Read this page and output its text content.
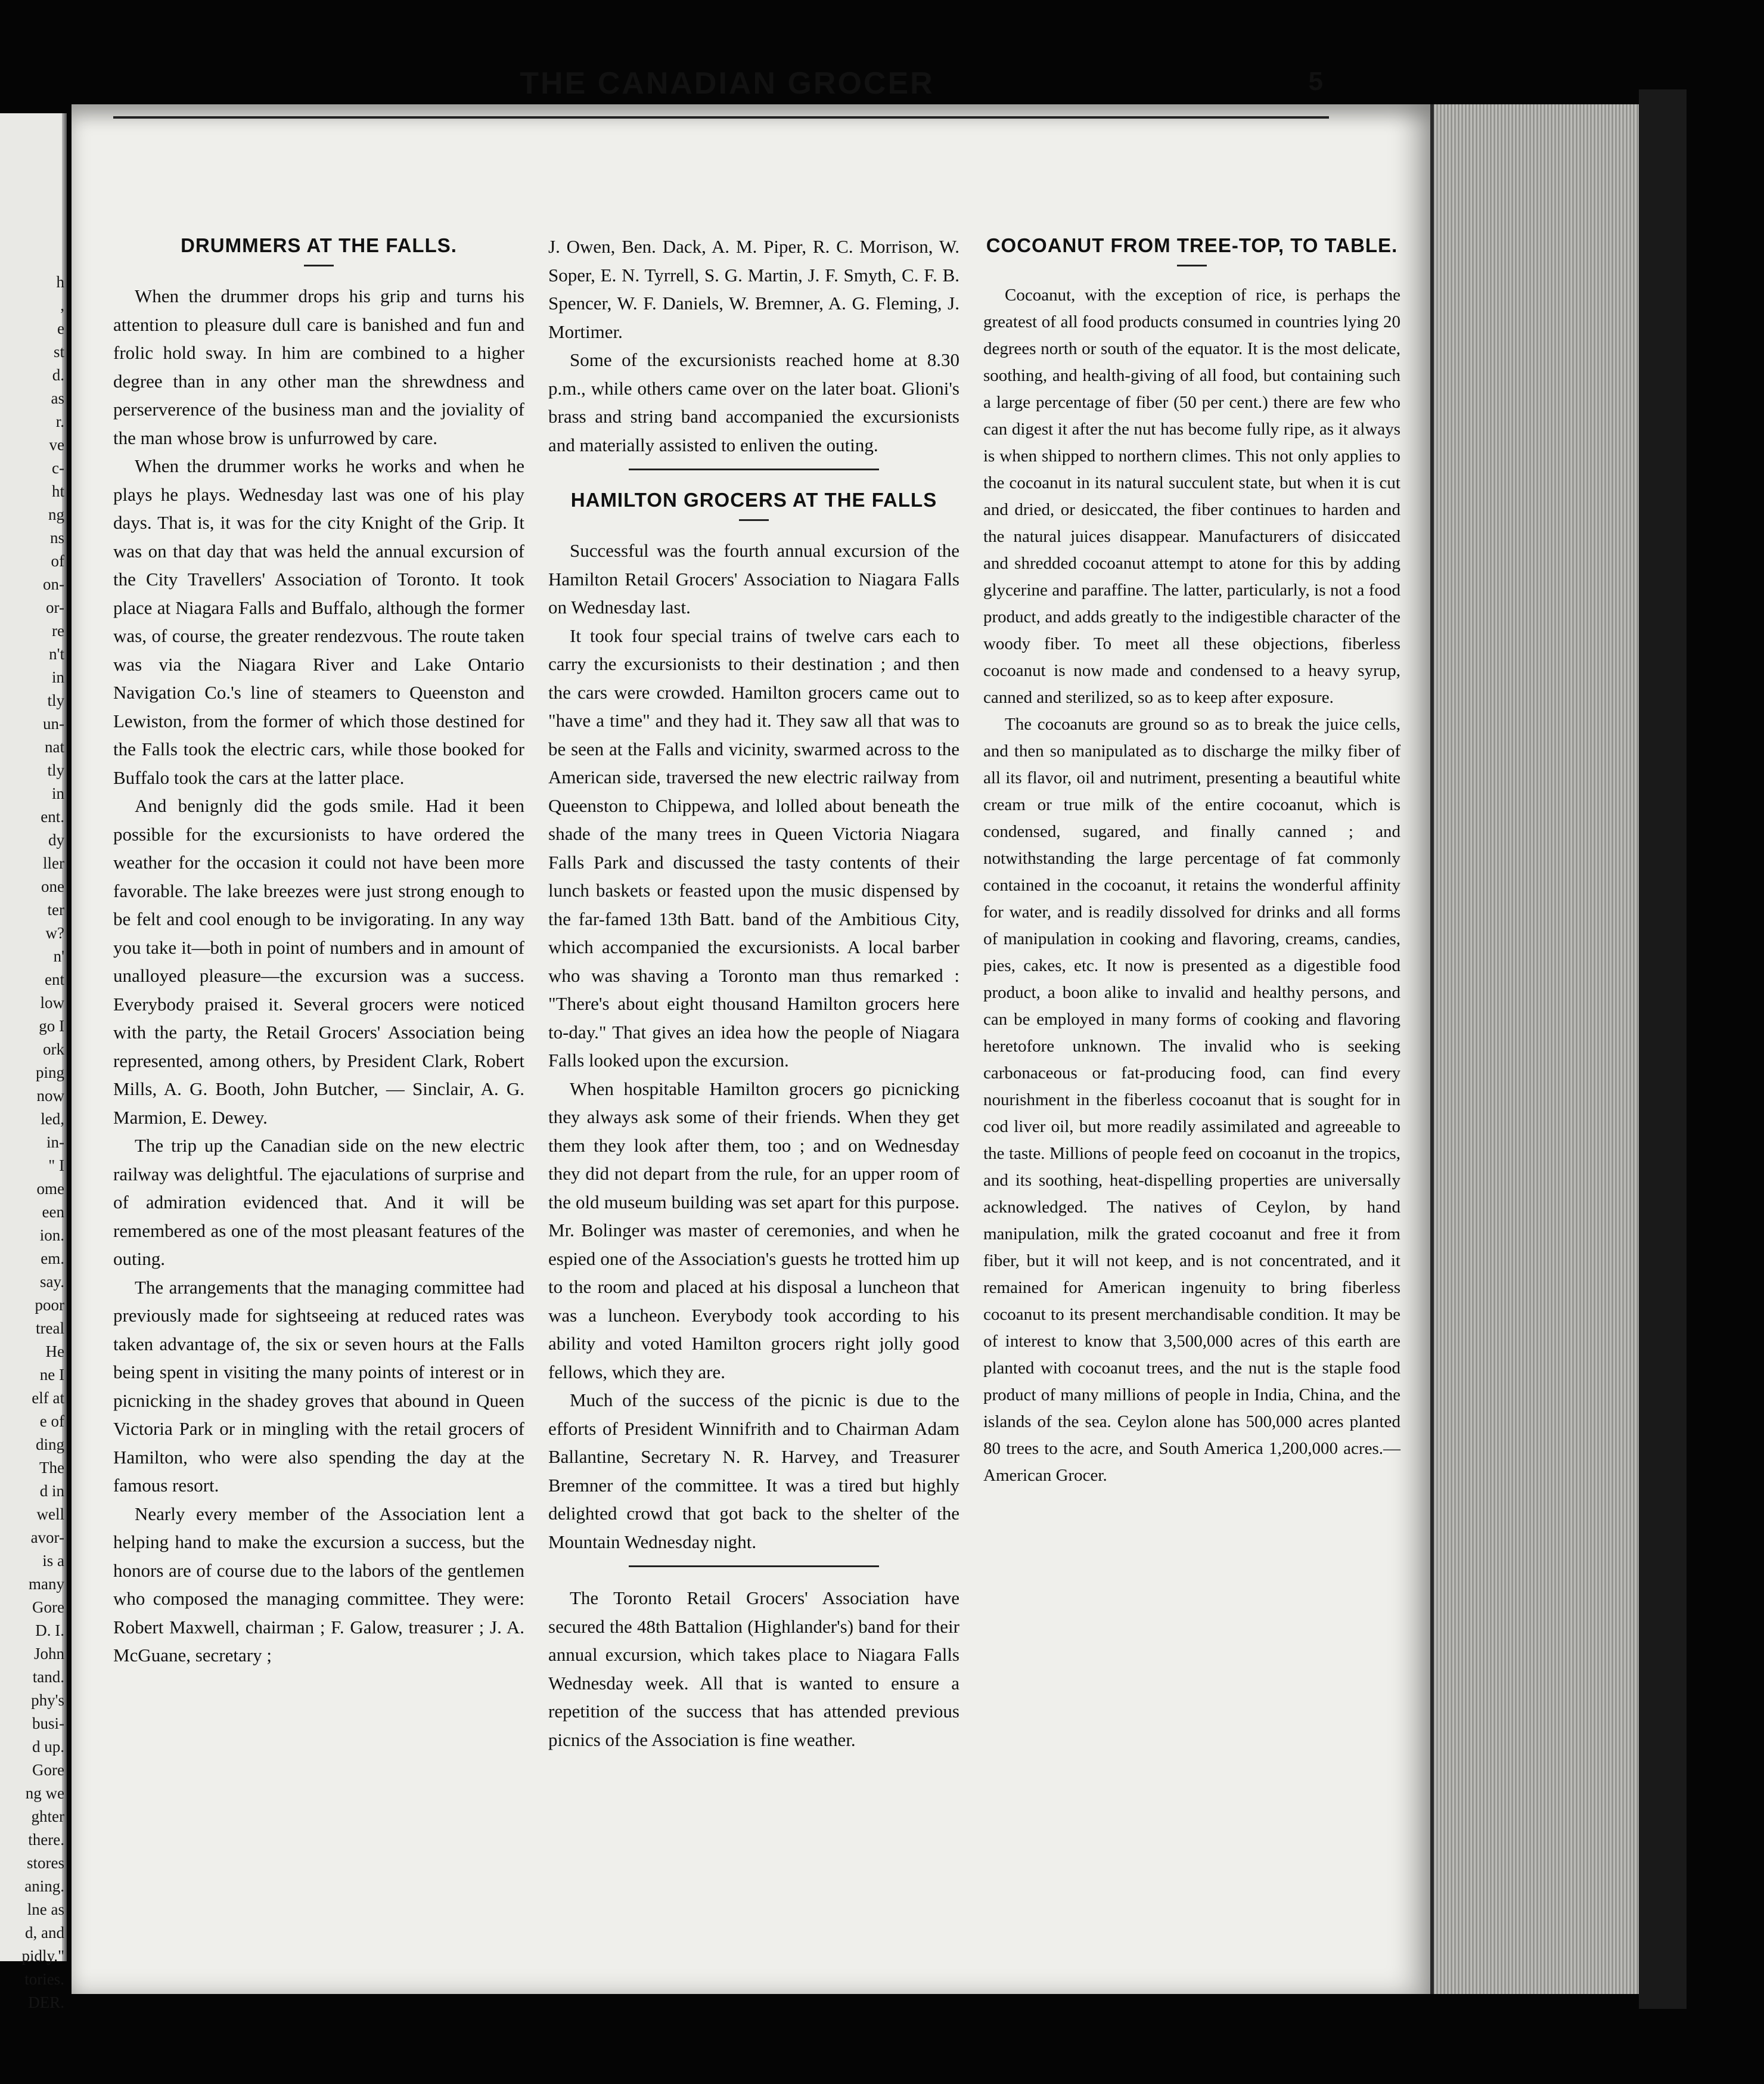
h
,
e
st
d.
as
r.
ve
c-
ht
ng
ns
of
on-
or-
re
n't
in
tly
un-
nat
tly
in
ent.
dy
ller
one
ter
w?
n'
ent
low
go I
ork
ping
now
led,
in-
" I
ome
een
ion.
em.
say.
poor
treal
He
ne I
elf at
e of
ding
The
d in
well
avor-
is a
many
Gore
D. I.
John
tand.
phy's
busi-
d up.
Gore
ng we
ghter
there.
stores
aning.
lne as
d, and
pidly."
tories.
DER.
THE CANADIAN GROCER	5
DRUMMERS AT THE FALLS.

When the drummer drops his grip and turns his attention to pleasure dull care is banished and fun and frolic hold sway. In him are combined to a higher degree than in any other man the shrewdness and perserverence of the business man and the joviality of the man whose brow is unfurrowed by care.

When the drummer works he works and when he plays he plays. Wednesday last was one of his play days. That is, it was for the city Knight of the Grip. It was on that day that was held the annual excursion of the City Travellers' Association of Toronto. It took place at Niagara Falls and Buffalo, although the former was, of course, the greater rendezvous. The route taken was via the Niagara River and Lake Ontario Navigation Co.'s line of steamers to Queenston and Lewiston, from the former of which those destined for the Falls took the electric cars, while those booked for Buffalo took the cars at the latter place.

And benignly did the gods smile. Had it been possible for the excursionists to have ordered the weather for the occasion it could not have been more favorable. The lake breezes were just strong enough to be felt and cool enough to be invigorating. In any way you take it—both in point of numbers and in amount of unalloyed pleasure—the excursion was a success. Everybody praised it. Several grocers were noticed with the party, the Retail Grocers' Association being represented, among others, by President Clark, Robert Mills, A. G. Booth, John Butcher, — Sinclair, A. G. Marmion, E. Dewey.

The trip up the Canadian side on the new electric railway was delightful. The ejaculations of surprise and of admiration evidenced that. And it will be remembered as one of the most pleasant features of the outing.

The arrangements that the managing committee had previously made for sightseeing at reduced rates was taken advantage of, the six or seven hours at the Falls being spent in visiting the many points of interest or in picnicking in the shadey groves that abound in Queen Victoria Park or in mingling with the retail grocers of Hamilton, who were also spending the day at the famous resort.

Nearly every member of the Association lent a helping hand to make the excursion a success, but the honors are of course due to the labors of the gentlemen who composed the managing committee. They were: Robert Maxwell, chairman ; F. Galow, treasurer ; J. A. McGuane, secretary ;

J. Owen, Ben. Dack, A. M. Piper, R. C. Morrison, W. Soper, E. N. Tyrrell, S. G. Martin, J. F. Smyth, C. F. B. Spencer, W. F. Daniels, W. Bremner, A. G. Fleming, J. Mortimer.

Some of the excursionists reached home at 8.30 p.m., while others came over on the later boat. Glioni's brass and string band accompanied the excursionists and materially assisted to enliven the outing.

HAMILTON GROCERS AT THE FALLS

Successful was the fourth annual excursion of the Hamilton Retail Grocers' Association to Niagara Falls on Wednesday last.

It took four special trains of twelve cars each to carry the excursionists to their destination ; and then the cars were crowded. Hamilton grocers came out to "have a time" and they had it. They saw all that was to be seen at the Falls and vicinity, swarmed across to the American side, traversed the new electric railway from Queenston to Chippewa, and lolled about beneath the shade of the many trees in Queen Victoria Niagara Falls Park and discussed the tasty contents of their lunch baskets or feasted upon the music dispensed by the far-famed 13th Batt. band of the Ambitious City, which accompanied the excursionists. A local barber who was shaving a Toronto man thus remarked : "There's about eight thousand Hamilton grocers here to-day." That gives an idea how the people of Niagara Falls looked upon the excursion.

When hospitable Hamilton grocers go picnicking they always ask some of their friends. When they get them they look after them, too ; and on Wednesday they did not depart from the rule, for an upper room of the old museum building was set apart for this purpose. Mr. Bolinger was master of ceremonies, and when he espied one of the Association's guests he trotted him up to the room and placed at his disposal a luncheon that was a luncheon. Everybody took according to his ability and voted Hamilton grocers right jolly good fellows, which they are.

Much of the success of the picnic is due to the efforts of President Winnifrith and to Chairman Adam Ballantine, Secretary N. R. Harvey, and Treasurer Bremner of the committee. It was a tired but highly delighted crowd that got back to the shelter of the Mountain Wednesday night.

The Toronto Retail Grocers' Association have secured the 48th Battalion (Highlander's) band for their annual excursion, which takes place to Niagara Falls Wednesday week. All that is wanted to ensure a repetition of the success that has attended previous picnics of the Association is fine weather.

COCOANUT FROM TREE-TOP, TO TABLE.

Cocoanut, with the exception of rice, is perhaps the greatest of all food products consumed in countries lying 20 degrees north or south of the equator. It is the most delicate, soothing, and health-giving of all food, but containing such a large percentage of fiber (50 per cent.) there are few who can digest it after the nut has become fully ripe, as it always is when shipped to northern climes. This not only applies to the cocoanut in its natural succulent state, but when it is cut and dried, or desiccated, the fiber continues to harden and the natural juices disappear. Manufacturers of disiccated and shredded cocoanut attempt to atone for this by adding glycerine and paraffine. The latter, particularly, is not a food product, and adds greatly to the indigestible character of the woody fiber. To meet all these objections, fiberless cocoanut is now made and condensed to a heavy syrup, canned and sterilized, so as to keep after exposure.

The cocoanuts are ground so as to break the juice cells, and then so manipulated as to discharge the milky fiber of all its flavor, oil and nutriment, presenting a beautiful white cream or true milk of the entire cocoanut, which is condensed, sugared, and finally canned ; and notwithstanding the large percentage of fat commonly contained in the cocoanut, it retains the wonderful affinity for water, and is readily dissolved for drinks and all forms of manipulation in cooking and flavoring, creams, candies, pies, cakes, etc. It now is presented as a digestible food product, a boon alike to invalid and healthy persons, and can be employed in many forms of cooking and flavoring heretofore unknown. The invalid who is seeking carbonaceous or fat-producing food, can find every nourishment in the fiberless cocoanut that is sought for in cod liver oil, but more readily assimilated and agreeable to the taste. Millions of people feed on cocoanut in the tropics, and its soothing, heat-dispelling properties are universally acknowledged. The natives of Ceylon, by hand manipulation, milk the grated cocoanut and free it from fiber, but it will not keep, and is not concentrated, and it remained for American ingenuity to bring fiberless cocoanut to its present merchandisable condition. It may be of interest to know that 3,500,000 acres of this earth are planted with cocoanut trees, and the nut is the staple food product of many millions of people in India, China, and the islands of the sea. Ceylon alone has 500,000 acres planted 80 trees to the acre, and South America 1,200,000 acres.—American Grocer.
